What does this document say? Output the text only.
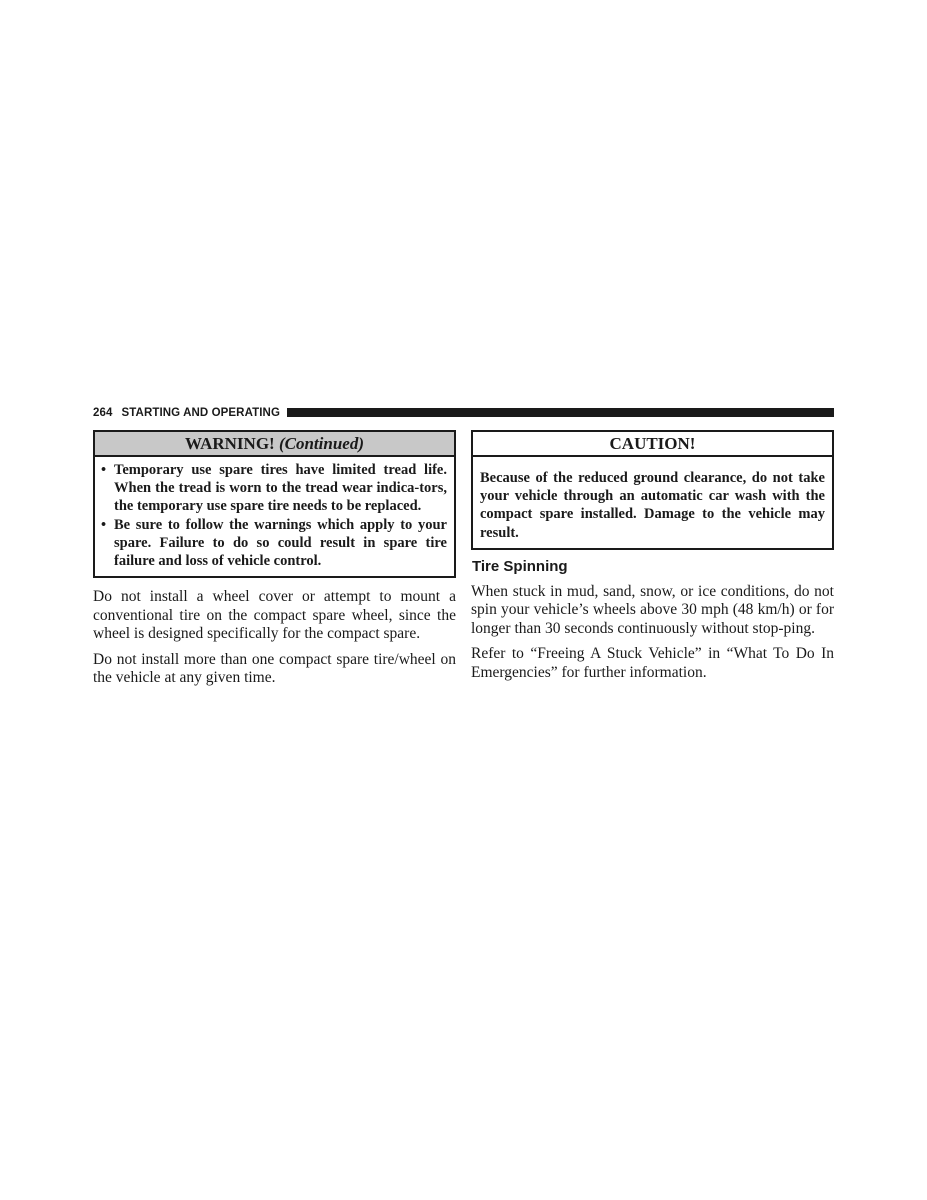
264 STARTING AND OPERATING
WARNING! (Continued)
• Temporary use spare tires have limited tread life. When the tread is worn to the tread wear indica-tors, the temporary use spare tire needs to be replaced.
• Be sure to follow the warnings which apply to your spare. Failure to do so could result in spare tire failure and loss of vehicle control.

Do not install a wheel cover or attempt to mount a conventional tire on the compact spare wheel, since the wheel is designed specifically for the compact spare.

Do not install more than one compact spare tire/wheel on the vehicle at any given time.

CAUTION!
Because of the reduced ground clearance, do not take your vehicle through an automatic car wash with the compact spare installed. Damage to the vehicle may result.
Tire Spinning

When stuck in mud, sand, snow, or ice conditions, do not spin your vehicle’s wheels above 30 mph (48 km/h) or for longer than 30 seconds continuously without stop-ping.

Refer to “Freeing A Stuck Vehicle” in “What To Do In Emergencies” for further information.
